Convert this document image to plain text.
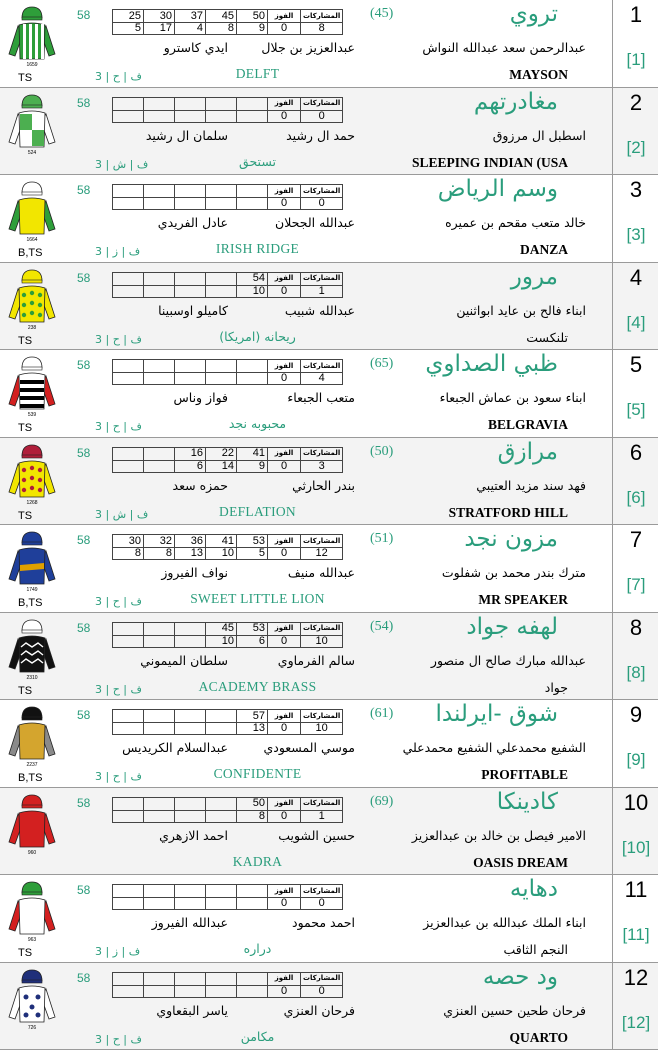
1
[1]
تروي
(45)
عبدالرحمن سعد عبدالله النواش
MAYSON
DELFT
58
ف | ح | 3
TS
عبدالعزيز بن جلال
ايدي كاسترو
1659
25	30	37	45	50	الفوز	المشاركات
5	17	4	8	9	0	8
2
[2]
مغادرتهم
اسطبل ال مرزوق
SLEEPING INDIAN (USA
تستحق
58
ف | ش | 3
حمد ال رشيد
سلمان ال رشيد
524
					الفوز	المشاركات
					0	0
3
[3]
وسم الرياض
خالد متعب مقحم بن عميره
DANZA
IRISH RIDGE
58
ف | ز | 3
B,TS
عبدالله الجحلان
عادل الفريدي
1664
					الفوز	المشاركات
					0	0
4
[4]
مرور
ابناء فالح بن عايد ابواثنين
تلنكست
(ريحانه (امريكا
58
ف | ح | 3
TS
عبدالله شبيب
كاميلو اوسبينا
238
				54	الفوز	المشاركات
				10	0	1
5
[5]
ظبي الصداوي
(65)
ابناء سعود بن عماش الجبعاء
BELGRAVIA
محبوبه نجد
58
ف | ح | 3
TS
متعب الجبعاء
فواز وناس
539
					الفوز	المشاركات
					0	4
6
[6]
مرازق
(50)
فهد سند مزيد العتيبي
STRATFORD HILL
DEFLATION
58
ف | ش | 3
TS
بندر الحارثي
حمزه سعد
1268
		16	22	41	الفوز	المشاركات
		6	14	9	0	3
7
[7]
مزون نجد
(51)
مترك بندر محمد بن شفلوت
MR SPEAKER
SWEET LITTLE LION
58
ف | ح | 3
B,TS
عبدالله منيف
نواف الفيروز
1749
30	32	36	41	53	الفوز	المشاركات
8	8	13	10	5	0	12
8
[8]
لهفه جواد
(54)
عبدالله مبارك صالح ال منصور
جواد
ACADEMY BRASS
58
ف | ح | 3
TS
سالم الفرماوي
سلطان الميموني
2310
			45	53	الفوز	المشاركات
			10	6	0	10
9
[9]
شوق -ايرلندا
(61)
الشفيع محمدعلي الشفيع محمدعلي
PROFITABLE
CONFIDENTE
58
ف | ح | 3
B,TS
موسي المسعودي
عبدالسلام الكريديس
2237
				57	الفوز	المشاركات
				13	0	10
10
[10]
كادينكا
(69)
الامير فيصل بن خالد بن عبدالعزيز
OASIS DREAM
KADRA
58
حسين الشويب
احمد الازهري
960
				50	الفوز	المشاركات
				8	0	1
11
[11]
دهايه
ابناء الملك عبدالله بن عبدالعزيز
النجم الثاقب
دراره
58
ف | ز | 3
TS
احمد محمود
عبدالله الفيروز
963
					الفوز	المشاركات
					0	0
12
[12]
ود حصه
فرحان طحين حسين العنزي
QUARTO
مكامن
58
ف | ح | 3
فرحان العنزي
ياسر البقعاوي
726
					الفوز	المشاركات
					0	0
